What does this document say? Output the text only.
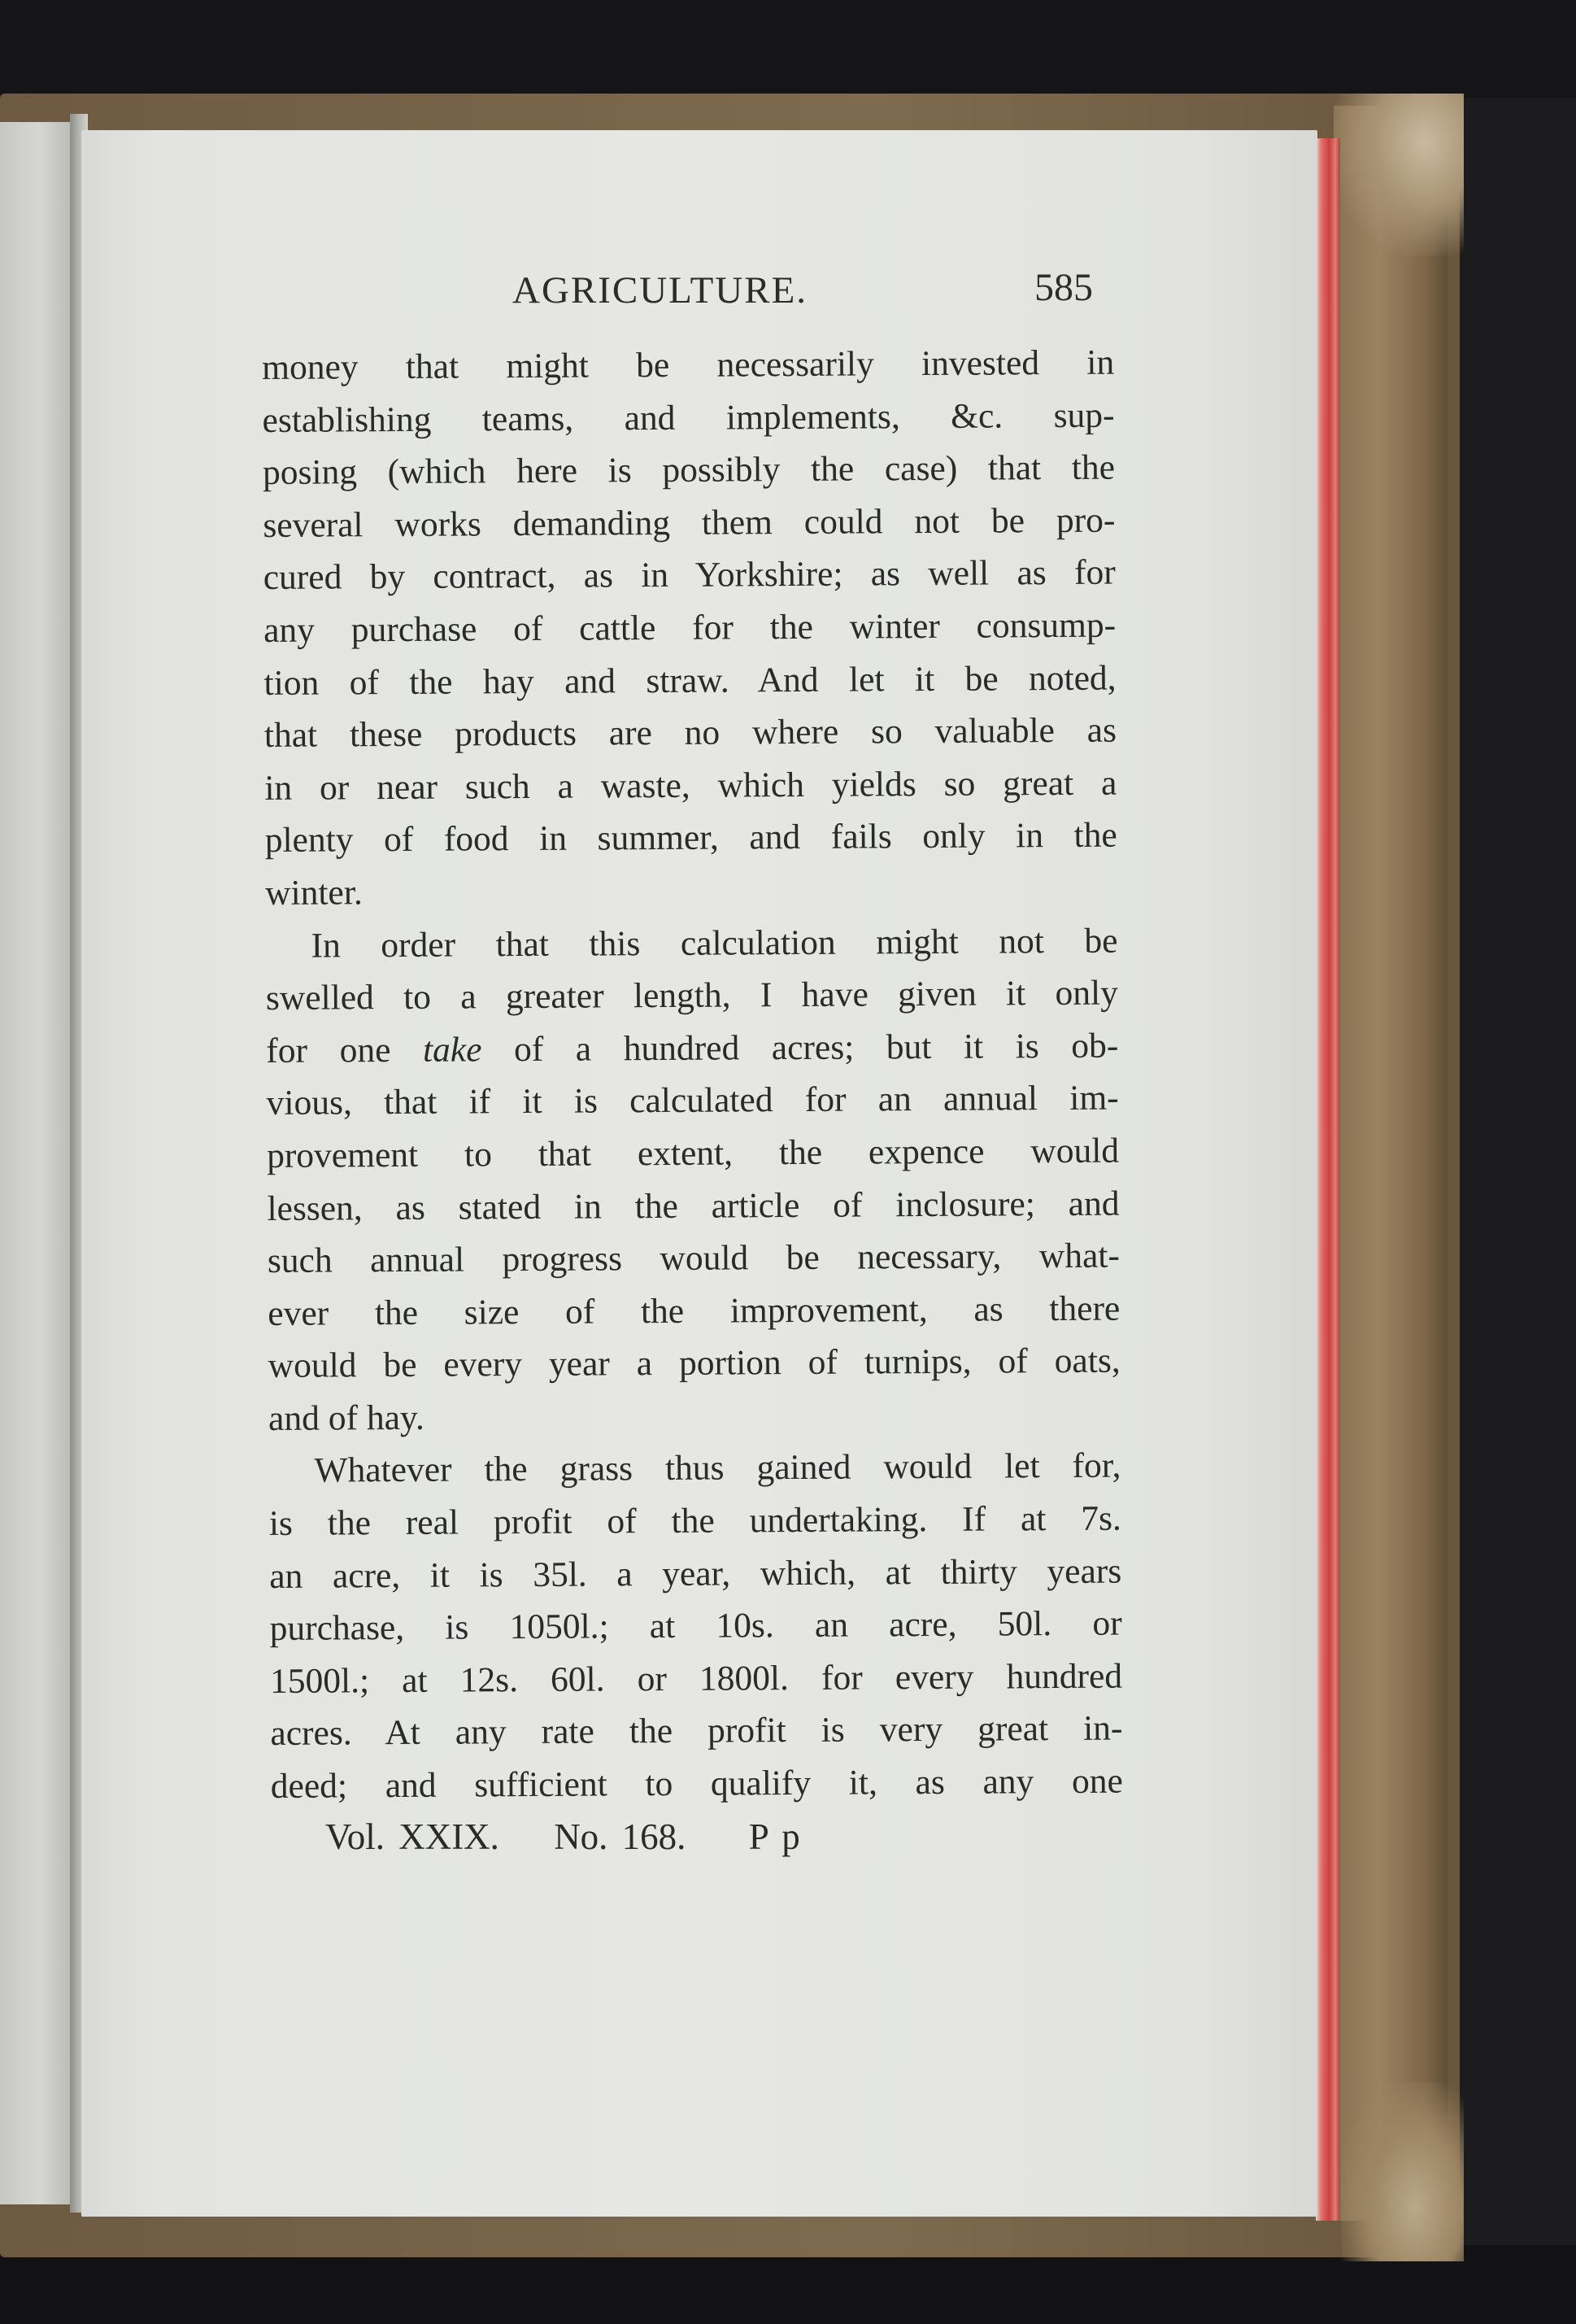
AGRICULTURE.	585
money that might be necessarily invested in
establishing teams, and implements, &c. sup-
posing (which here is possibly the case) that the
several works demanding them could not be pro-
cured by contract, as in Yorkshire; as well as for
any purchase of cattle for the winter consump-
tion of the hay and straw. And let it be noted,
that these products are no where so valuable as
in or near such a waste, which yields so great a
plenty of food in summer, and fails only in the
winter.
In order that this calculation might not be
swelled to a greater length, I have given it only
for one take of a hundred acres; but it is ob-
vious, that if it is calculated for an annual im-
provement to that extent, the expence would
lessen, as stated in the article of inclosure; and
such annual progress would be necessary, what-
ever the size of the improvement, as there
would be every year a portion of turnips, of oats,
and of hay.
Whatever the grass thus gained would let for,
is the real profit of the undertaking. If at 7s.
an acre, it is 35l. a year, which, at thirty years
purchase, is 1050l.; at 10s. an acre, 50l. or
1500l.; at 12s. 60l. or 1800l. for every hundred
acres. At any rate the profit is very great in-
deed; and sufficient to qualify it, as any one
Vol. XXIX. No. 168. P p
